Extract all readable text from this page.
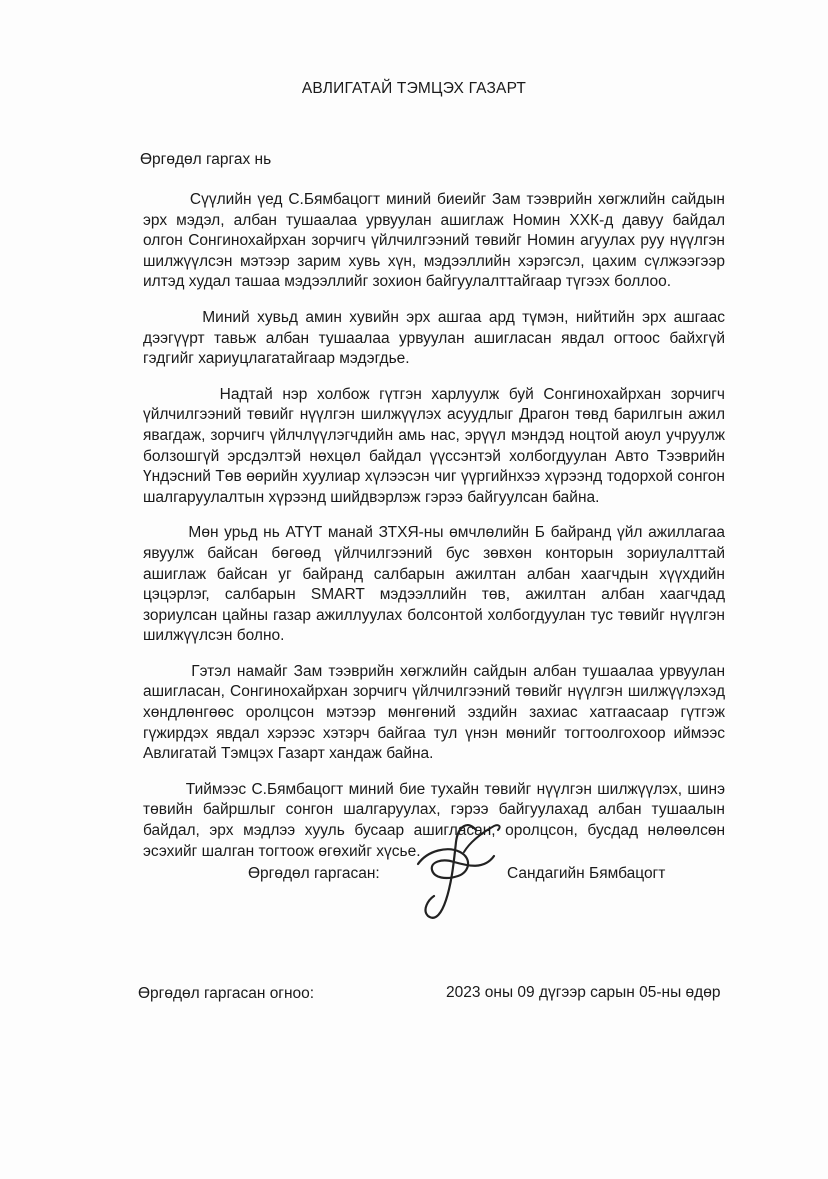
АВЛИГАТАЙ ТЭМЦЭХ ГАЗАРТ
Өргөдөл гаргах нь

Сүүлийн үед С.Бямбацогт миний биеийг Зам тээврийн хөгжлийн сайдын эрх мэдэл, албан тушаалаа урвуулан ашиглаж Номин ХХК-д давуу байдал олгон Сонгинохайрхан зорчигч үйлчилгээний төвийг Номин агуулах руу нүүлгэн шилжүүлсэн мэтээр зарим хувь хүн, мэдээллийн хэрэгсэл, цахим сүлжээгээр илтэд худал ташаа мэдээллийг зохион байгуулалттайгаар түгээх боллоо.

Миний хувьд амин хувийн эрх ашгаа ард түмэн, нийтийн эрх ашгаас дээгүүрт тавьж албан тушаалаа урвуулан ашигласан явдал огтоос байхгүй гэдгийг хариуцлагатайгаар мэдэгдье.

Надтай нэр холбож гүтгэн харлуулж буй Сонгинохайрхан зорчигч үйлчилгээний төвийг нүүлгэн шилжүүлэх асуудлыг Драгон төвд барилгын ажил явагдаж, зорчигч үйлчлүүлэгчдийн амь нас, эрүүл мэндэд ноцтой аюул учруулж болзошгүй эрсдэлтэй нөхцөл байдал үүссэнтэй холбогдуулан Авто Тээврийн Үндэсний Төв өөрийн хуулиар хүлээсэн чиг үүргийнхээ хүрээнд тодорхой сонгон шалгаруулалтын хүрээнд шийдвэрлэж гэрээ байгуулсан байна.

Мөн урьд нь АТҮТ манай ЗТХЯ-ны өмчлөлийн Б байранд үйл ажиллагаа явуулж байсан бөгөөд үйлчилгээний бус зөвхөн конторын зориулалттай ашиглаж байсан уг байранд салбарын ажилтан албан хаагчдын хүүхдийн цэцэрлэг, салбарын SMART мэдээллийн төв, ажилтан албан хаагчдад зориулсан цайны газар ажиллуулах болсонтой холбогдуулан тус төвийг нүүлгэн шилжүүлсэн болно.

Гэтэл намайг Зам тээврийн хөгжлийн сайдын албан тушаалаа урвуулан ашигласан, Сонгинохайрхан зорчигч үйлчилгээний төвийг нүүлгэн шилжүүлэхэд хөндлөнгөөс оролцсон мэтээр мөнгөний эздийн захиас хатгаасаар гүтгэж гүжирдэх явдал хэрээс хэтэрч байгаа тул үнэн мөнийг тогтоолгохоор иймээс Авлигатай Тэмцэх Газарт хандаж байна.

Тиймээс С.Бямбацогт миний бие тухайн төвийг нүүлгэн шилжүүлэх, шинэ төвийн байршлыг сонгон шалгаруулах, гэрээ байгуулахад албан тушаалын байдал, эрх мэдлээ хууль бусаар ашигласан, оролцсон, бусдад нөлөөлсөн эсэхийг шалган тогтоож өгөхийг хүсье.

Өргөдөл гаргасан:	Сандагийн Бямбацогт
Өргөдөл гаргасан огноо:	2023 оны 09 дүгээр сарын 05-ны өдөр
